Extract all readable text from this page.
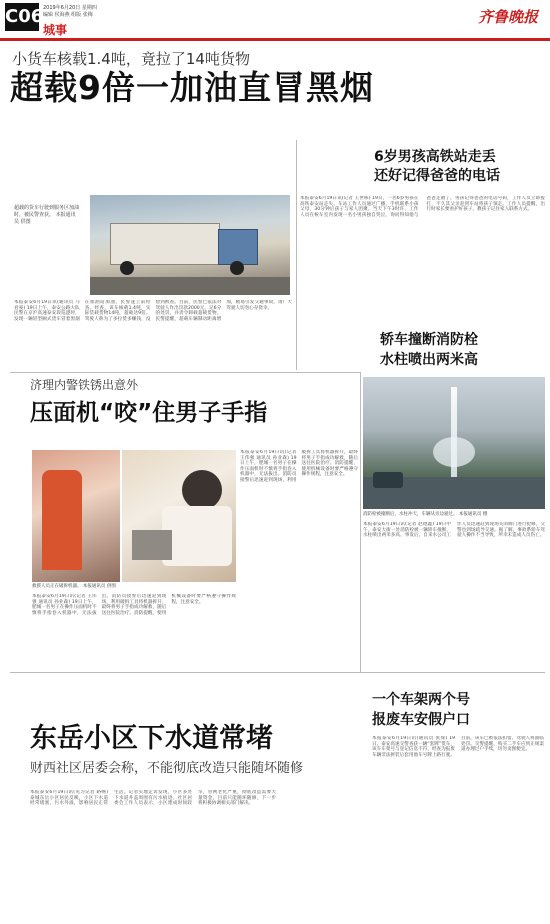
C06 2019年6月20日 星期四
编辑 侯海燕 组版 张梅
城事
齐鲁晚报
小货车核载1.4吨，竟拉了14吨货物
超载9倍一加油直冒黑烟
超载的货车行驶到服务区加油时，被民警查获。 本报通讯员 供图
本报泰安6月19日讯(通讯员 马君豪) 19日上午，泰安公路大队民警在京沪高速泰安段巡逻时，发现一辆轻型厢式货车冒着黑烟在加油站加油，民警遂上前检查。经查，该车核载1.4吨，实际装载货物14吨，超载达9倍。驾驶人称为了多拉货多赚钱，没想到被查。目前，民警已依法对驾驶人作出罚款2000元、记6分的处罚，并责令卸载超载货物。民警提醒，超载车辆制动距离增加，极易引发交通事故，请广大驾驶人切勿心存侥幸。
6岁男孩高铁站走丢
还好记得爸爸的电话
本报泰安6月19日讯(记者 王世栋) 19日，一名6岁男孩在高铁泰安站走失，车站工作人员通过广播、手机联系小孩父母，30分钟后孩子与家人团聚。当天下午3时许，工作人员在候车室内发现一名小男孩独自哭泣，询问得知他与爸爸走散了。男孩记得爸爸的电话号码，工作人员立即拨打，不久其父亲赶到车站将孩子领走。工作人员提醒，出行时家长要看护好孩子，教孩子记住家人联系方式。
轿车撞断消防栓
水柱喷出两米高
消防栓被撞断后，水柱冲天，车辆从旁边驶过。 本报通讯员 摄
本报泰安6月19日讯(记者 赵德鑫) 19日中午，泰安大街一处消防栓被一辆轿车撞断，水柱喷出两米多高。事发后，自来水公司工作人员迅速赶到现场关闭阀门进行抢修，交警也到场疏导交通。据了解，事故系轿车驾驶人操作不当导致，所幸未造成人员伤亡。
济理内警铁锈出意外
压面机“咬”住男子手指
救援人员正在破拆机器。 本报通讯员 供图
本报泰安6月19日讯(记者 王伟强 通讯员 孙业森) 19日上午，肥城一名男子在操作压面机时不慎将手指卷入机器中，无法拔出。消防员接警后迅速赶到现场，利用破拆工具将机器拆开，最终将男子手指成功解救，随后送往医院治疗。消防提醒，使用机械设备时要严格遵守操作规程，注意安全。
本报泰安6月19日讯(记者 王伟强 通讯员 孙业森) 19日上午，肥城一名男子在操作压面机时不慎将手指卷入机器中，无法拔出。消防员接警后迅速赶到现场，利用破拆工具将机器拆开，最终将男子手指成功解救，随后送往医院治疗。消防提醒，使用机械设备时要严格遵守操作规程，注意安全。
东岳小区下水道常堵
财西社区居委会称，不能彻底改造只能随坏随修
本报泰安6月19日讯(见习记者 路畅) 泰城东岳小区居民反映，小区下水道经常堵塞，污水外溢，影响居民正常生活。记者实地走访发现，小区多处下水道井盖周围有污水痕迹。社区居委会工作人员表示，小区建成时间较早，管网老化严重，彻底改造需要大量资金，目前只能随坏随修，下一步将积极协调相关部门解决。
一个车架两个号
报废车安假户口
本报泰安6月19日讯(通讯员 张保) 19日，泰安高速交警查获一辆“套牌”货车，该车车架号与登记信息不符，经查为报废车辆非法拼装后套用他车号牌上路行驶。目前，该车已被依法扣留，驾驶人将面临处罚。交警提醒，购买二手车应到正规渠道办理过户手续，切勿贪图便宜。
